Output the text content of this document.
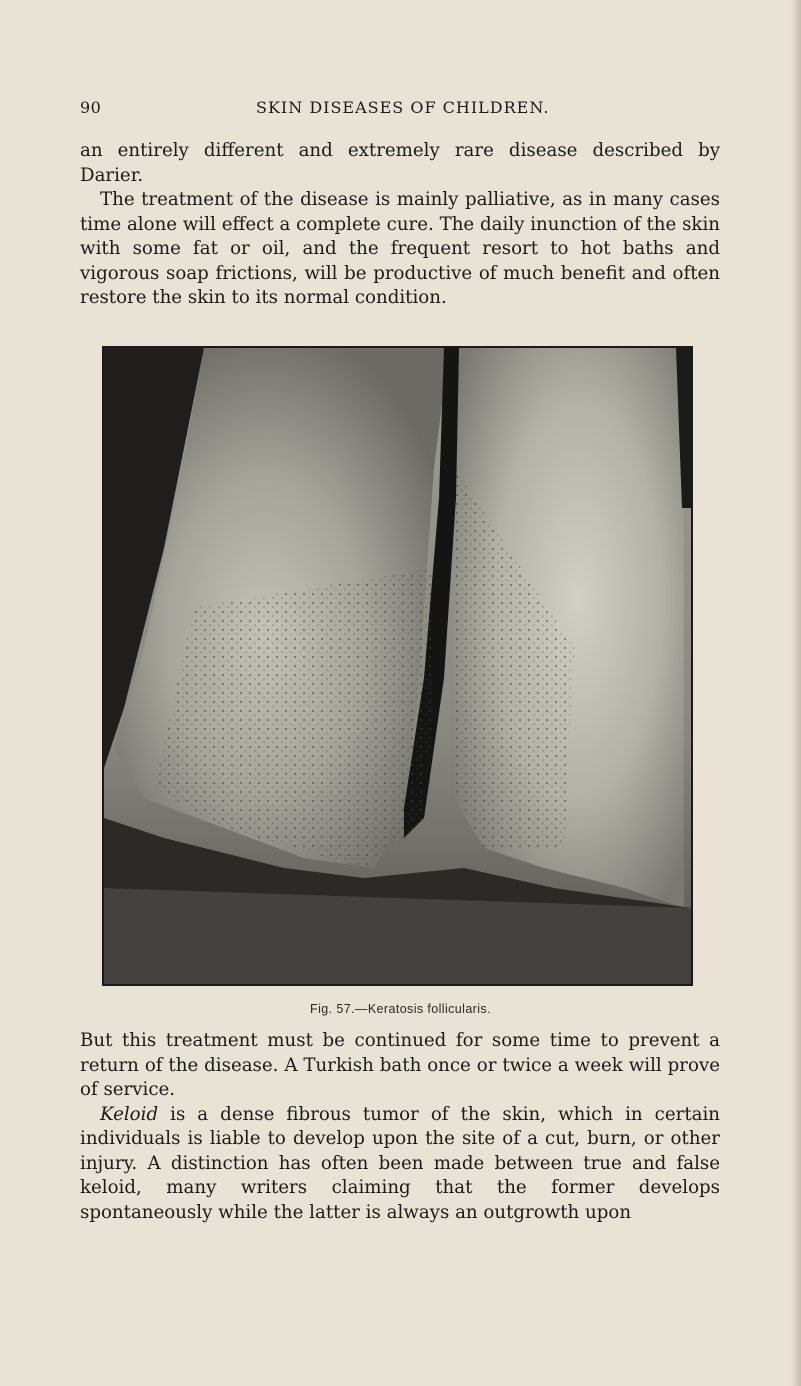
90	SKIN DISEASES OF CHILDREN.
an entirely different and extremely rare disease described by
Darier.
The treatment of the disease is mainly palliative, as in many cases time alone will effect a complete cure. The daily inunction of the skin with some fat or oil, and the frequent resort to hot baths and vigorous soap frictions, will be productive of much benefit and often restore the skin to its normal condition.
Fig. 57.—Keratosis follicularis.
But this treatment must be continued for some time to prevent a return of the disease. A Turkish bath once or twice a week will prove of service.
Keloid is a dense fibrous tumor of the skin, which in certain individuals is liable to develop upon the site of a cut, burn, or other injury. A distinction has often been made between true and false keloid, many writers claiming that the former develops spontaneously while the latter is always an outgrowth upon
